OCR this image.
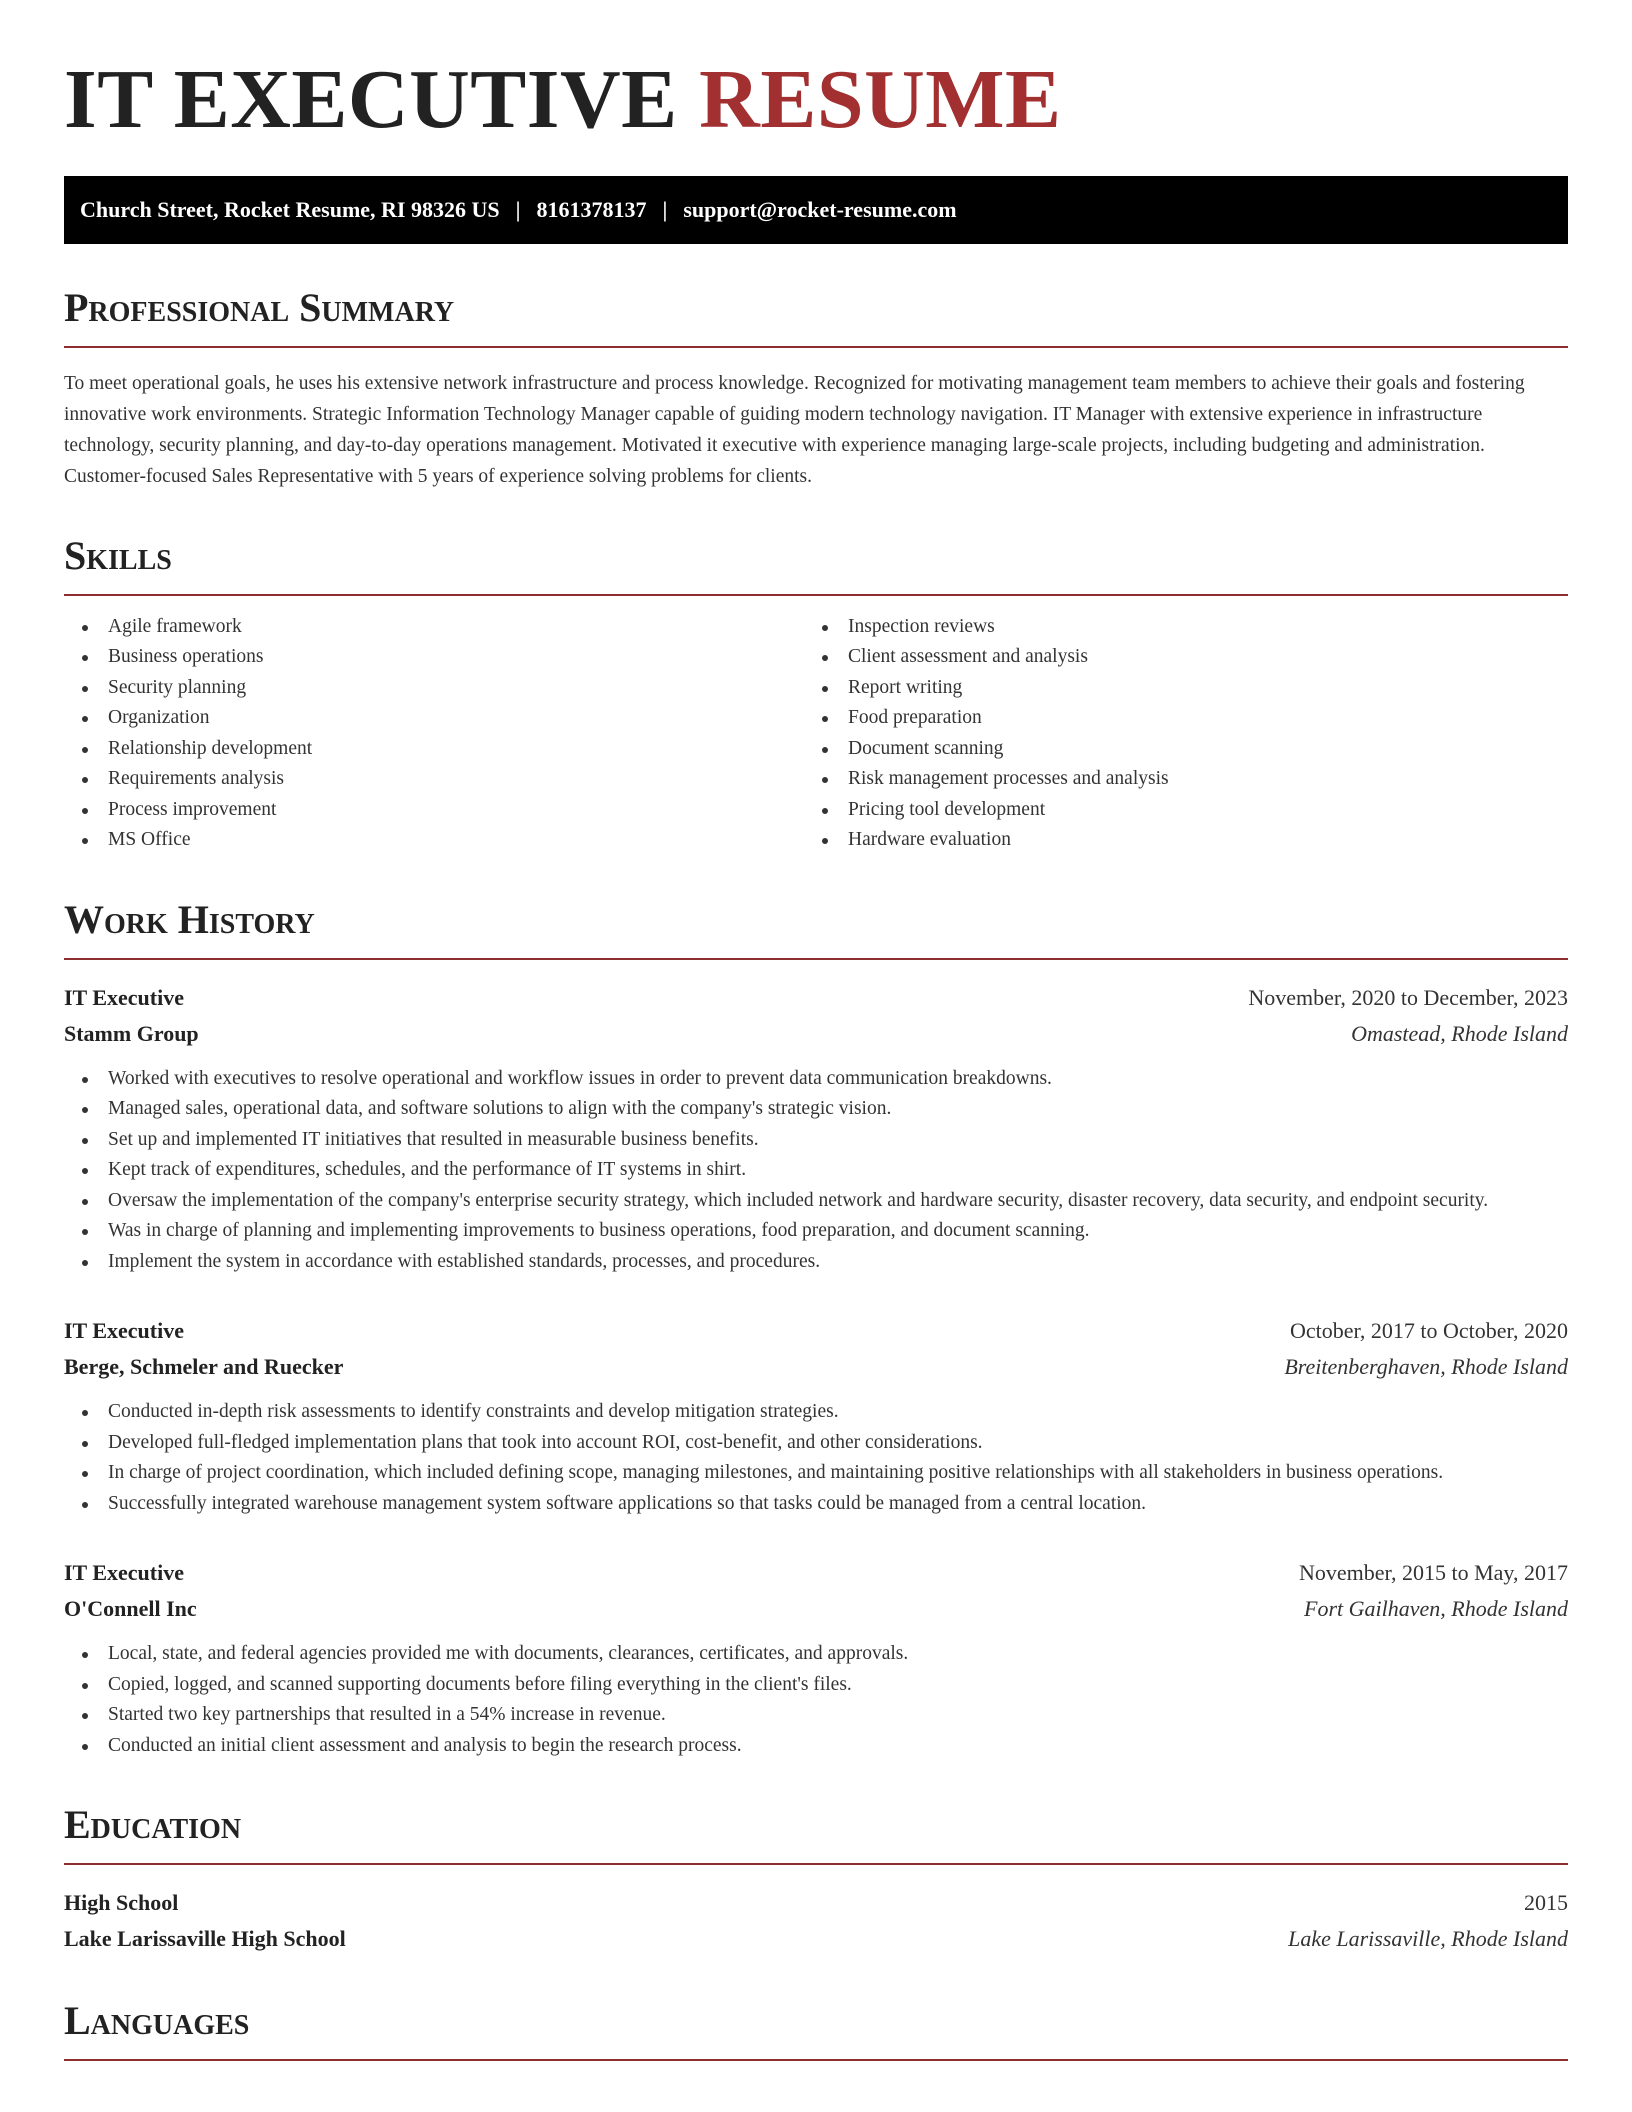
IT EXECUTIVE RESUME
Church Street, Rocket Resume, RI 98326 US | 8161378137 | support@rocket-resume.com
Professional Summary

To meet operational goals, he uses his extensive network infrastructure and process knowledge. Recognized for motivating management team members to achieve their goals and fostering innovative work environments. Strategic Information Technology Manager capable of guiding modern technology navigation. IT Manager with extensive experience in infrastructure technology, security planning, and day-to-day operations management. Motivated it executive with experience managing large-scale projects, including budgeting and administration. Customer-focused Sales Representative with 5 years of experience solving problems for clients.

Skills
Agile framework
Business operations
Security planning
Organization
Relationship development
Requirements analysis
Process improvement
MS Office
Inspection reviews
Client assessment and analysis
Report writing
Food preparation
Document scanning
Risk management processes and analysis
Pricing tool development
Hardware evaluation
Work History
IT Executive	November, 2020 to December, 2023
Stamm Group	Omastead, Rhode Island
Worked with executives to resolve operational and workflow issues in order to prevent data communication breakdowns.
Managed sales, operational data, and software solutions to align with the company's strategic vision.
Set up and implemented IT initiatives that resulted in measurable business benefits.
Kept track of expenditures, schedules, and the performance of IT systems in shirt.
Oversaw the implementation of the company's enterprise security strategy, which included network and hardware security, disaster recovery, data security, and endpoint security.
Was in charge of planning and implementing improvements to business operations, food preparation, and document scanning.
Implement the system in accordance with established standards, processes, and procedures.
IT Executive	October, 2017 to October, 2020
Berge, Schmeler and Ruecker	Breitenberghaven, Rhode Island
Conducted in-depth risk assessments to identify constraints and develop mitigation strategies.
Developed full-fledged implementation plans that took into account ROI, cost-benefit, and other considerations.
In charge of project coordination, which included defining scope, managing milestones, and maintaining positive relationships with all stakeholders in business operations.
Successfully integrated warehouse management system software applications so that tasks could be managed from a central location.
IT Executive	November, 2015 to May, 2017
O'Connell Inc	Fort Gailhaven, Rhode Island
Local, state, and federal agencies provided me with documents, clearances, certificates, and approvals.
Copied, logged, and scanned supporting documents before filing everything in the client's files.
Started two key partnerships that resulted in a 54% increase in revenue.
Conducted an initial client assessment and analysis to begin the research process.
Education
High School	2015
Lake Larissaville High School	Lake Larissaville, Rhode Island
Languages
